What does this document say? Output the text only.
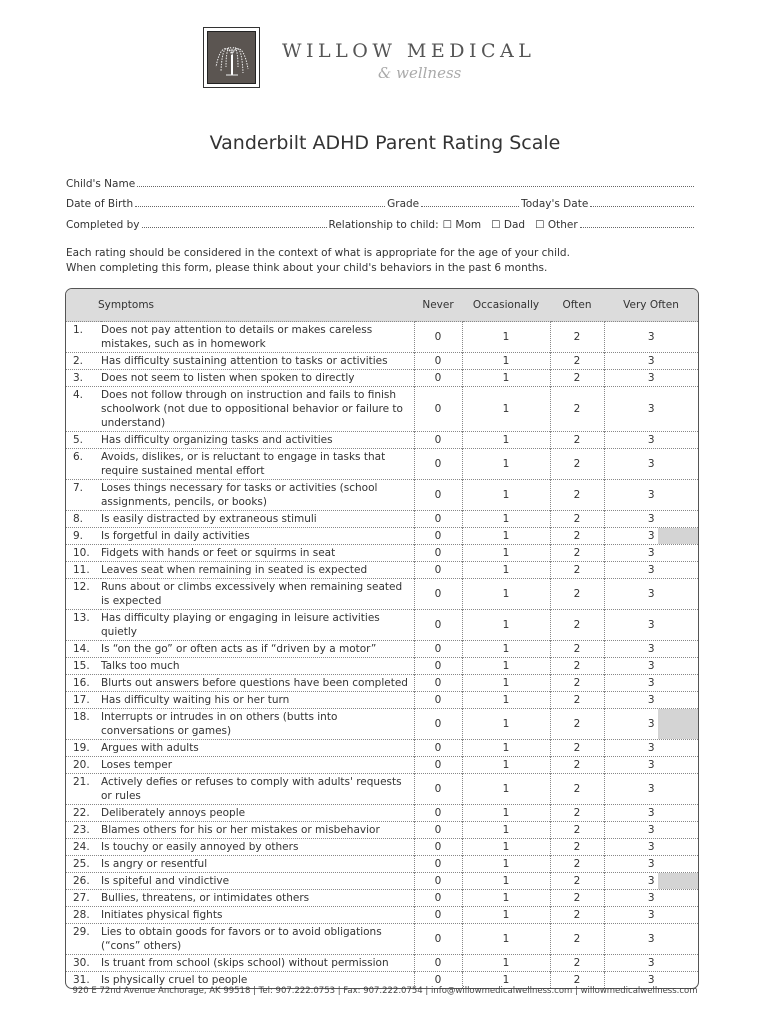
WILLOW MEDICAL
& wellness
Vanderbilt ADHD Parent Rating Scale
Child's Name
Date of Birth	Grade	Today's Date
Completed by	Relationship to child: ☐ Mom ☐ Dad ☐ Other
Each rating should be considered in the context of what is appropriate for the age of your child.
When completing this form, please think about your child's behaviors in the past 6 months.
Symptoms		Never	Occasionally	Often	Very Often
1.	Does not pay attention to details or makes careless mistakes, such as in homework	0	1	2	3
2.	Has difficulty sustaining attention to tasks or activities	0	1	2	3
3.	Does not seem to listen when spoken to directly	0	1	2	3
4.	Does not follow through on instruction and fails to finish schoolwork (not due to oppositional behavior or failure to understand)	0	1	2	3
5.	Has difficulty organizing tasks and activities	0	1	2	3
6.	Avoids, dislikes, or is reluctant to engage in tasks that require sustained mental effort	0	1	2	3
7.	Loses things necessary for tasks or activities (school assignments, pencils, or books)	0	1	2	3
8.	Is easily distracted by extraneous stimuli	0	1	2	3
9.	Is forgetful in daily activities	0	1	2	3
10.	Fidgets with hands or feet or squirms in seat	0	1	2	3
11.	Leaves seat when remaining in seated is expected	0	1	2	3
12.	Runs about or climbs excessively when remaining seated is expected	0	1	2	3
13.	Has difficulty playing or engaging in leisure activities quietly	0	1	2	3
14.	Is “on the go” or often acts as if “driven by a motor”	0	1	2	3
15.	Talks too much	0	1	2	3
16.	Blurts out answers before questions have been completed	0	1	2	3
17.	Has difficulty waiting his or her turn	0	1	2	3
18.	Interrupts or intrudes in on others (butts into conversations or games)	0	1	2	3
19.	Argues with adults	0	1	2	3
20.	Loses temper	0	1	2	3
21.	Actively defies or refuses to comply with adults' requests or rules	0	1	2	3
22.	Deliberately annoys people	0	1	2	3
23.	Blames others for his or her mistakes or misbehavior	0	1	2	3
24.	Is touchy or easily annoyed by others	0	1	2	3
25.	Is angry or resentful	0	1	2	3
26.	Is spiteful and vindictive	0	1	2	3
27.	Bullies, threatens, or intimidates others	0	1	2	3
28.	Initiates physical fights	0	1	2	3
29.	Lies to obtain goods for favors or to avoid obligations (“cons” others)	0	1	2	3
30.	Is truant from school (skips school) without permission	0	1	2	3
31.	Is physically cruel to people	0	1	2	3
920 E 72nd Avenue Anchorage, AK 99518 | Tel: 907.222.0753 | Fax: 907.222.0754 | info@willowmedicalwellness.com | willowmedicalwellness.com
